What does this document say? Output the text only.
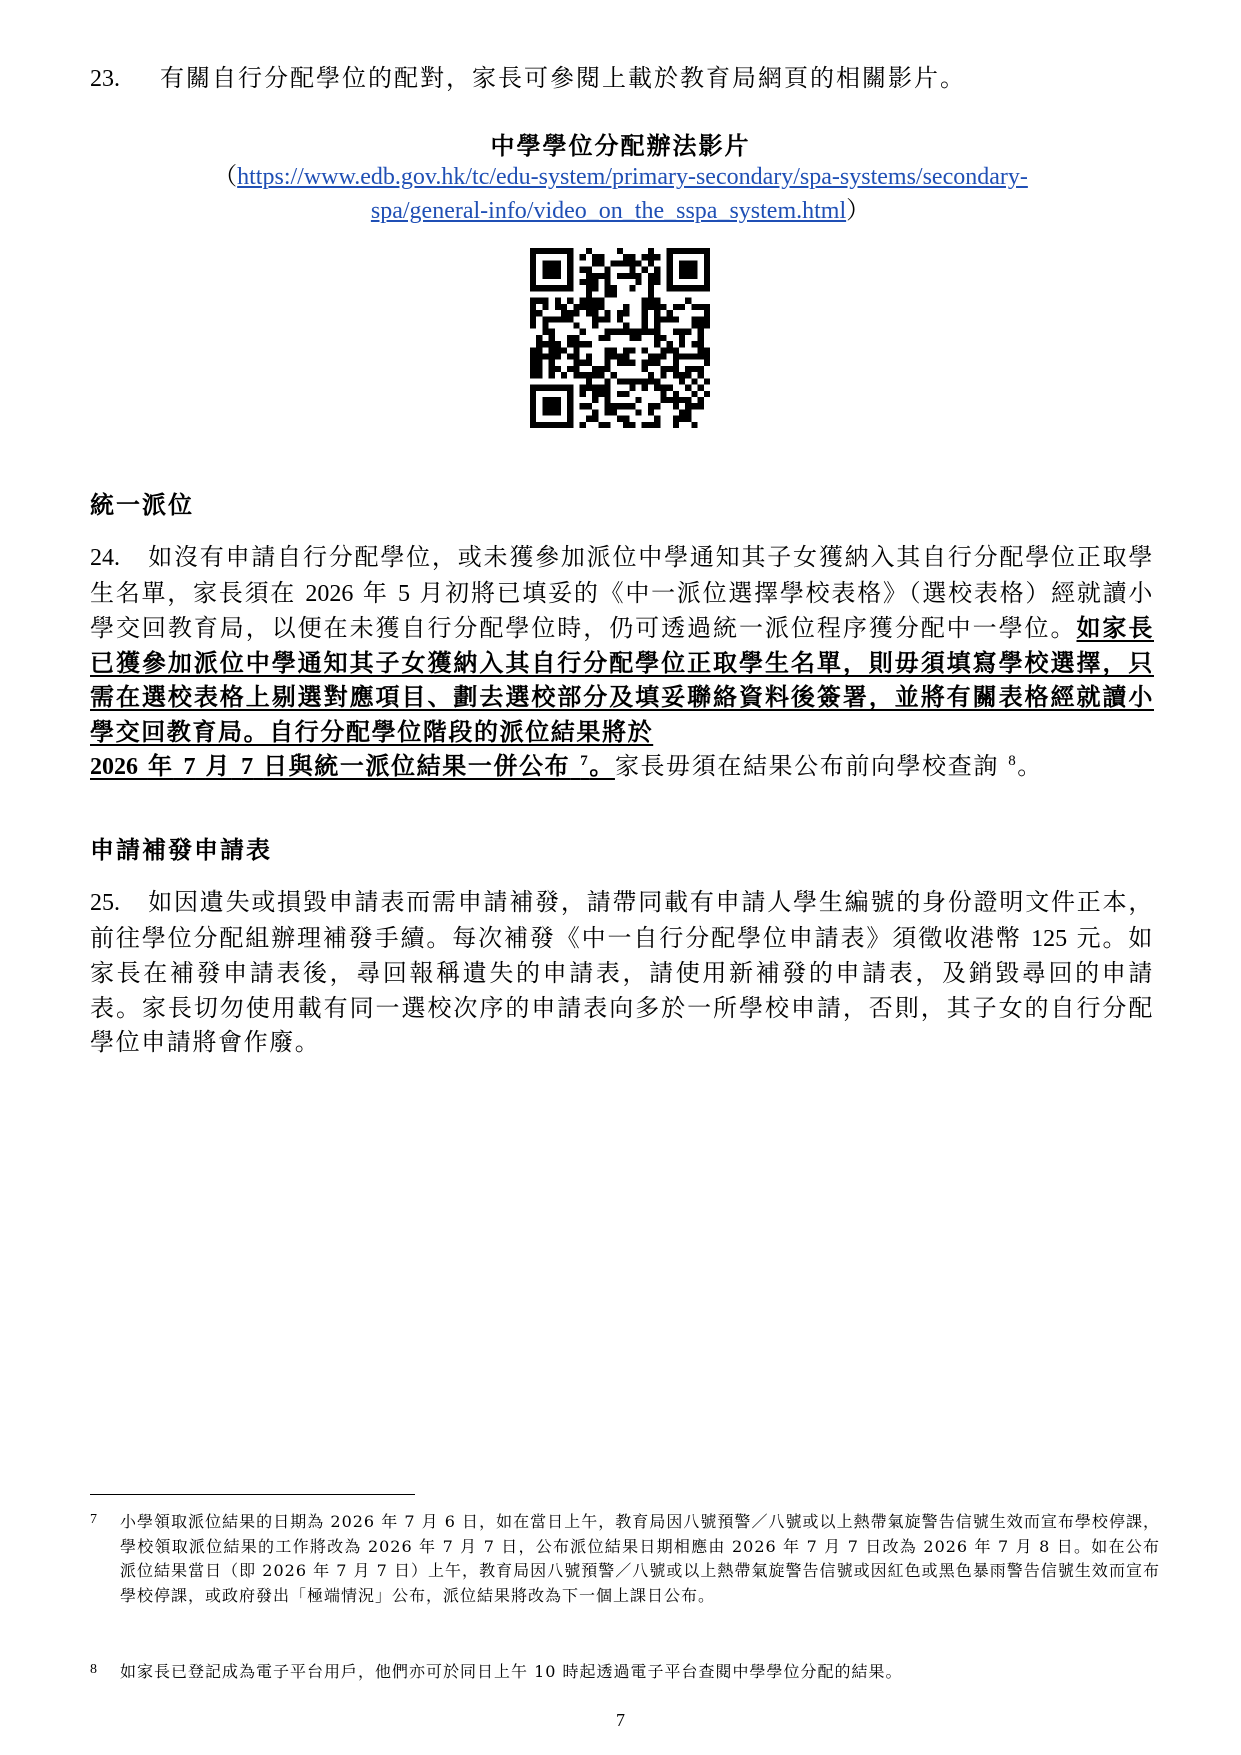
23. 有關自行分配學位的配對，家長可參閱上載於教育局網頁的相關影片。
中學學位分配辦法影片
（https://www.edb.gov.hk/tc/edu-system/primary-secondary/spa-systems/secondary-
spa/general-info/video_on_the_sspa_system.html）
統一派位
24. 如沒有申請自行分配學位，或未獲參加派位中學通知其子女獲納入其自行分配學位正取學生名單，家長須在 2026 年 5 月初將已填妥的《中一派位選擇學校表格》（選校表格）經就讀小學交回教育局，以便在未獲自行分配學位時，仍可透過統一派位程序獲分配中一學位。如家長已獲參加派位中學通知其子女獲納入其自行分配學位正取學生名單，則毋須填寫學校選擇，只需在選校表格上剔選對應項目、劃去選校部分及填妥聯絡資料後簽署，並將有關表格經就讀小學交回教育局。自行分配學位階段的派位結果將於
2026 年 7 月 7 日與統一派位結果一併公布 $^7$。家長毋須在結果公布前向學校查詢 $^8$。
申請補發申請表
25. 如因遺失或損毀申請表而需申請補發，請帶同載有申請人學生編號的身份證明文件正本，前往學位分配組辦理補發手續。每次補發《中一自行分配學位申請表》須徵收港幣 125 元。如家長在補發申請表後，尋回報稱遺失的申請表，請使用新補發的申請表，及銷毀尋回的申請表。家長切勿使用載有同一選校次序的申請表向多於一所學校申請，否則，其子女的自行分配學位申請將會作廢。
7 小學領取派位結果的日期為 2026 年 7 月 6 日，如在當日上午，教育局因八號預警／八號或以上熱帶氣旋警告信號生效而宣布學校停課，學校領取派位結果的工作將改為 2026 年 7 月 7 日，公布派位結果日期相應由 2026 年 7 月 7 日改為 2026 年 7 月 8 日。如在公布派位結果當日（即 2026 年 7 月 7 日）上午，教育局因八號預警／八號或以上熱帶氣旋警告信號或因紅色或黑色暴雨警告信號生效而宣布學校停課，或政府發出「極端情況」公布，派位結果將改為下一個上課日公布。
8 如家長已登記成為電子平台用戶，他們亦可於同日上午 10 時起透過電子平台查閱中學學位分配的結果。
7
